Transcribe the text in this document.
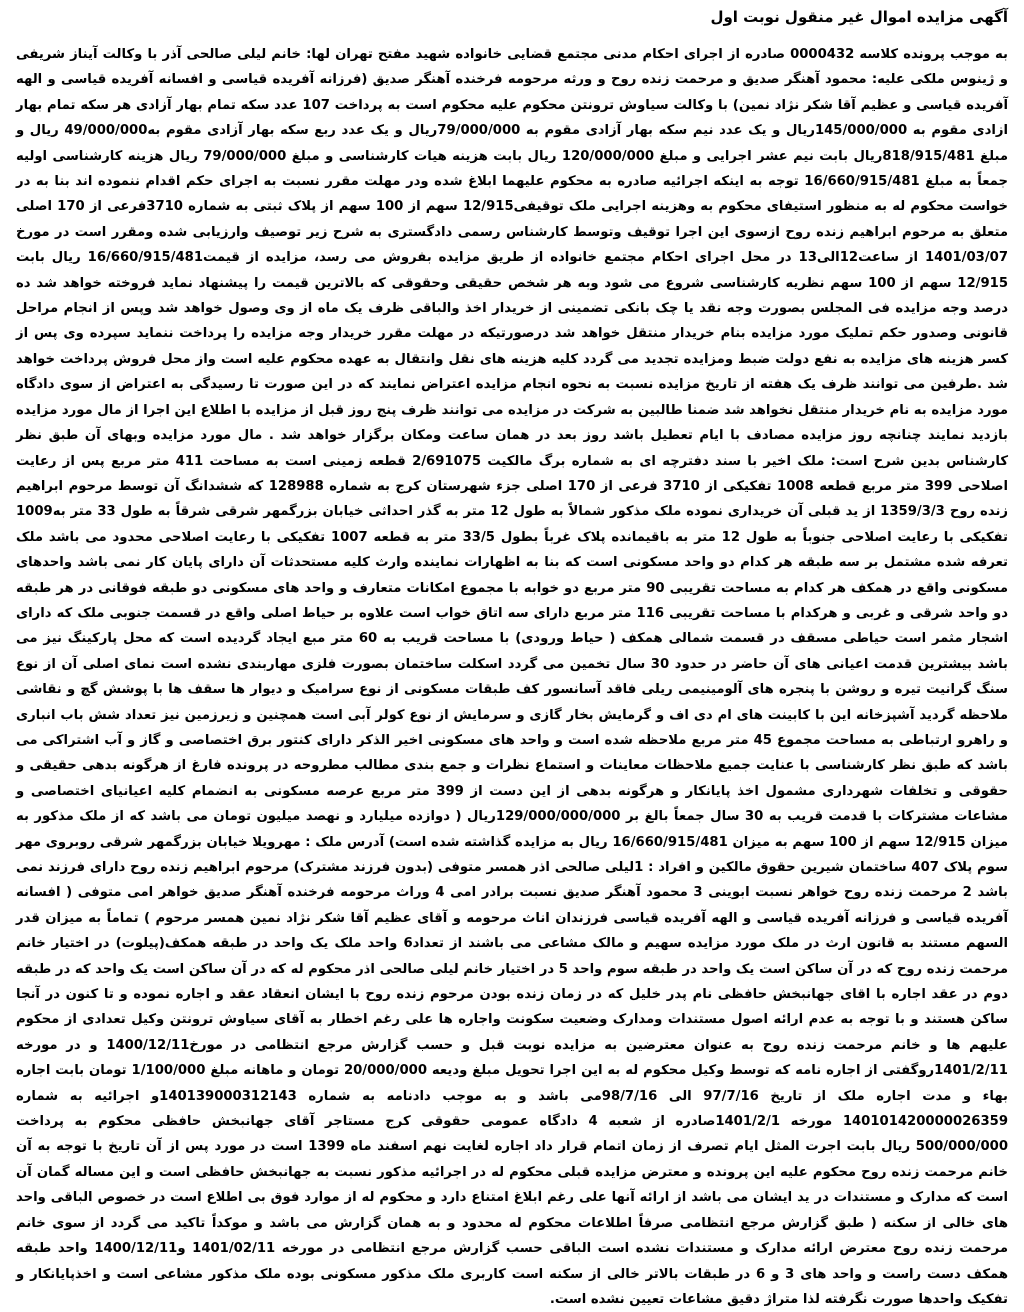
آگهی مزایده اموال غیر منقول نوبت اول

به موجب پرونده کلاسه 0000432 صادره از اجرای احکام مدنی مجتمع قضایی خانواده شهید مفتح تهران لها: خانم لیلی صالحی آذر با وکالت آیناز شریفی و ژینوس ملکی علیه: محمود آهنگر صدیق و مرحمت زنده روح و ورثه مرحومه فرخنده آهنگر صدیق (فرزانه آفریده قیاسی و افسانه آفریده قیاسی و الهه آفریده قیاسی و عظیم آقا شکر نژاد نمین) با وکالت سیاوش ترونتن محکوم علیه محکوم است به پرداخت 107 عدد سکه تمام بهار آزادی هر سکه تمام بهار ازادی مقوم به 145/000/000ریال و یک عدد نیم سکه بهار آزادی مقوم به 79/000/000ریال و یک عدد ربع سکه بهار آزادی مقوم به49/000/000 ریال و مبلغ 818/915/481ریال بابت نیم عشر اجرایی و مبلغ 120/000/000 ریال بابت هزینه هیات کارشناسی و مبلغ 79/000/000 ریال هزینه کارشناسی اولیه جمعاً به مبلغ 16/660/915/481 توجه به اینکه اجرائیه صادره به محکوم علیهما ابلاغ شده ودر مهلت مقرر نسبت به اجرای حکم اقدام ننموده اند بنا به در خواست محکوم له به منظور استیفای محکوم به وهزینه اجرایی ملک توقیفی12/915 سهم از 100 سهم از پلاک ثبتی به شماره 3710فرعی از 170 اصلی متعلق به مرحوم ابراهیم زنده روح ازسوی این اجرا توقیف وتوسط کارشناس رسمی دادگستری به شرح زیر توصیف وارزیابی شده ومقرر است در مورخ 1401/03/07 از ساعت12الی13 در محل اجرای احکام مجتمع خانواده از طریق مزایده بفروش می رسد، مزایده از قیمت16/660/915/481 ریال بابت 12/915 سهم از 100 سهم نظریه کارشناسی شروع می شود وبه هر شخص حقیقی وحقوقی که بالاترین قیمت را پیشنهاد نماید فروخته خواهد شد ده درصد وجه مزایده فی المجلس بصورت وجه نقد یا چک بانکی تضمینی از خریدار اخذ والباقی ظرف یک ماه از وی وصول خواهد شد وپس از انجام مراحل قانونی وصدور حکم تملیک مورد مزایده بنام خریدار منتقل خواهد شد درصورتیکه در مهلت مقرر خریدار وجه مزایده را پرداخت ننماید سپرده وی پس از کسر هزینه های مزایده به نفع دولت ضبط ومزایده تجدید می گردد کلیه هزینه های نقل وانتقال به عهده محکوم علیه است واز محل فروش پرداخت خواهد شد .طرفین می توانند ظرف یک هفته از تاریخ مزایده نسبت به نحوه انجام مزایده اعتراض نمایند که در این صورت تا رسیدگی به اعتراض از سوی دادگاه مورد مزایده به نام خریدار منتقل نخواهد شد ضمنا طالبین به شرکت در مزایده می توانند ظرف پنج روز قبل از مزایده با اطلاع این اجرا از مال مورد مزایده بازدید نمایند چنانچه روز مزایده مصادف با ایام تعطیل باشد روز بعد در همان ساعت ومکان برگزار خواهد شد . مال مورد مزایده وبهای آن طبق نظر کارشناس بدین شرح است: ملک اخیر با سند دفترچه ای به شماره برگ مالکیت 2/691075 قطعه زمینی است به مساحت 411 متر مربع پس از رعایت اصلاحی 399 متر مربع قطعه 1008 تفکیکی از 3710 فرعی از 170 اصلی جزء شهرستان کرج به شماره 128988 که ششدانگ آن توسط مرحوم ابراهیم زنده روح 1359/3/3 از ید قبلی آن خریداری نموده ملک مذکور شمالاً به طول 12 متر به گذر احداثی خیابان بزرگمهر شرقی شرقاً به طول 33 متر به1009 تفکیکی با رعایت اصلاحی جنوباً به طول 12 متر به باقیمانده پلاک غرباً بطول 33/5 متر به قطعه 1007 تفکیکی با رعایت اصلاحی محدود می باشد ملک تعرفه شده مشتمل بر سه طبقه هر کدام دو واحد مسکونی است که بنا به اظهارات نماینده وارث کلیه مستحدثات آن دارای پایان کار نمی باشد واحدهای مسکونی واقع در همکف هر کدام به مساحت تقریبی 90 متر مربع دو خوابه با مجموع امکانات متعارف و واحد های مسکونی دو طبقه فوقانی در هر طبقه دو واحد شرقی و غربی و هرکدام با مساحت تقریبی 116 متر مربع دارای سه اتاق خواب است علاوه بر حیاط اصلی واقع در قسمت جنوبی ملک که دارای اشجار مثمر است حیاطی مسقف در قسمت شمالی همکف ( حیاط ورودی) با مساحت قریب به 60 متر مبع ایجاد گردیده است که محل پارکینگ نیز می باشد بیشترین قدمت اعیانی های آن حاضر در حدود 30 سال تخمین می گردد اسکلت ساختمان بصورت فلزی مهاربندی نشده است نمای اصلی آن از نوع سنگ گرانیت تیره و روشن با پنجره های آلومینیمی ریلی فاقد آسانسور کف طبقات مسکونی از نوع سرامیک و دیوار ها سقف ها با پوشش گچ و نقاشی ملاحظه گردید آشپزخانه این با کابینت های ام دی اف و گرمایش بخار گازی و سرمایش از نوع کولر آبی است همچنین و زیرزمین نیز تعداد شش باب انباری و راهرو ارتباطی به مساحت مجموع 45 متر مربع ملاحظه شده است و واحد های مسکونی اخیر الذکر دارای کنتور برق اختصاصی و گاز و آب اشتراکی می باشد که طبق نظر کارشناسی با عنایت جمیع ملاحظات معاینات و استماع نظرات و جمع بندی مطالب مطروحه در پرونده فارغ از هرگونه بدهی حقیقی و حقوقی و تخلفات شهرداری مشمول اخذ پایانکار و هرگونه بدهی از این دست از 399 متر مربع عرصه مسکونی به انضمام کلیه اعیانیای اختصاصی و مشاعات مشترکات با قدمت قریب به 30 سال جمعاً بالغ بر 129/000/000/000ریال ( دوازده میلیارد و نهصد میلیون تومان می باشد که از ملک مذکور به میزان 12/915 سهم از 100 سهم به میزان 16/660/915/481 ریال به مزایده گذاشته شده است) آدرس ملک : مهرویلا خیابان بزرگمهر شرقی روبروی مهر سوم پلاک 407 ساختمان شیرین حقوق مالکین و افراد : 1لیلی صالحی اذر همسر متوفی (بدون فرزند مشترک) مرحوم ابراهیم زنده روح دارای فرزند نمی باشد 2 مرحمت زنده روح خواهر نسبت ابوینی 3 محمود آهنگر صدیق نسبت برادر امی 4 وراث مرحومه فرخنده آهنگر صدیق خواهر امی متوفی ( افسانه آفریده قیاسی و فرزانه آفریده قیاسی و الهه آفریده قیاسی فرزندان اناث مرحومه و آقای عظیم آقا شکر نژاد نمین همسر مرحوم ) تماماً به میزان قدر السهم مستند به قانون ارث در ملک مورد مزایده سهیم و مالک مشاعی می باشند از تعداد6 واحد ملک یک واحد در طبقه همکف(پیلوت) در اختیار خانم مرحمت زنده روح که در آن ساکن است یک واحد در طبقه سوم واحد 5 در اختیار خانم لیلی صالحی اذر محکوم له که در آن ساکن است یک واحد که در طبقه دوم در عقد اجاره با اقای جهانبخش حافظی نام پدر خلیل که در زمان زنده بودن مرحوم زنده روح با ایشان انعقاد عقد و اجاره نموده و تا کنون در آنجا ساکن هستند و با توجه به عدم ارائه اصول مستندات ومدارک وضعیت سکونت واجاره ها علی رغم اخطار به آقای سیاوش ترونتن وکیل تعدادی از محکوم علیهم ها و خانم مرحمت زنده روح به عنوان معترضین به مزایده نوبت قبل و حسب گزارش مرجع انتظامی در مورخ1400/12/11 و در مورخه 1401/2/11روگفتی از اجاره نامه که توسط وکیل محکوم له به این اجرا تحویل مبلغ ودیعه 20/000/000 تومان و ماهانه مبلغ 1/100/000 تومان بابت اجاره بهاء و مدت اجاره ملک از تاریخ 97/7/16 الی 98/7/16می باشد و به موجب دادنامه به شماره 140139000312143و اجرائیه به شماره 140101420000026359 مورخه 1401/2/1صادره از شعبه 4 دادگاه عمومی حقوقی کرج مستاجر آقای جهانبخش حافظی محکوم به پرداخت 500/000/000 ریال بابت اجرت المثل ایام تصرف از زمان اتمام قرار داد اجاره لغایت نهم اسفند ماه 1399 است در مورد پس از آن تاریخ با توجه به آن خانم مرحمت زنده روح محکوم علیه این پرونده و معترض مزایده قبلی محکوم له در اجرائیه مذکور نسبت به جهانبخش حافظی است و این مساله گمان آن است که مدارک و مستندات در ید ایشان می باشد از ارائه آنها علی رغم ابلاغ امتناع دارد و محکوم له از موارد فوق بی اطلاع است در خصوص الباقی واحد های خالی از سکنه ( طبق گزارش مرجع انتظامی صرفاً اطلاعات محکوم له محدود و به همان گزارش می باشد و موکداً تاکید می گردد از سوی خانم مرحمت زنده روح معترض ارائه مدارک و مستندات نشده است الباقی حسب گزارش مرجع انتظامی در مورخه 1401/02/11 و1400/12/11 واحد طبقه همکف دست راست و واحد های 3 و 6 در طبقات بالاتر خالی از سکنه است کاربری ملک مذکور مسکونی بوده ملک مذکور مشاعی است و اخذپایانکار و تفکیک واحدها صورت نگرفته لذا متراژ دقیق مشاعات تعیین نشده است.
